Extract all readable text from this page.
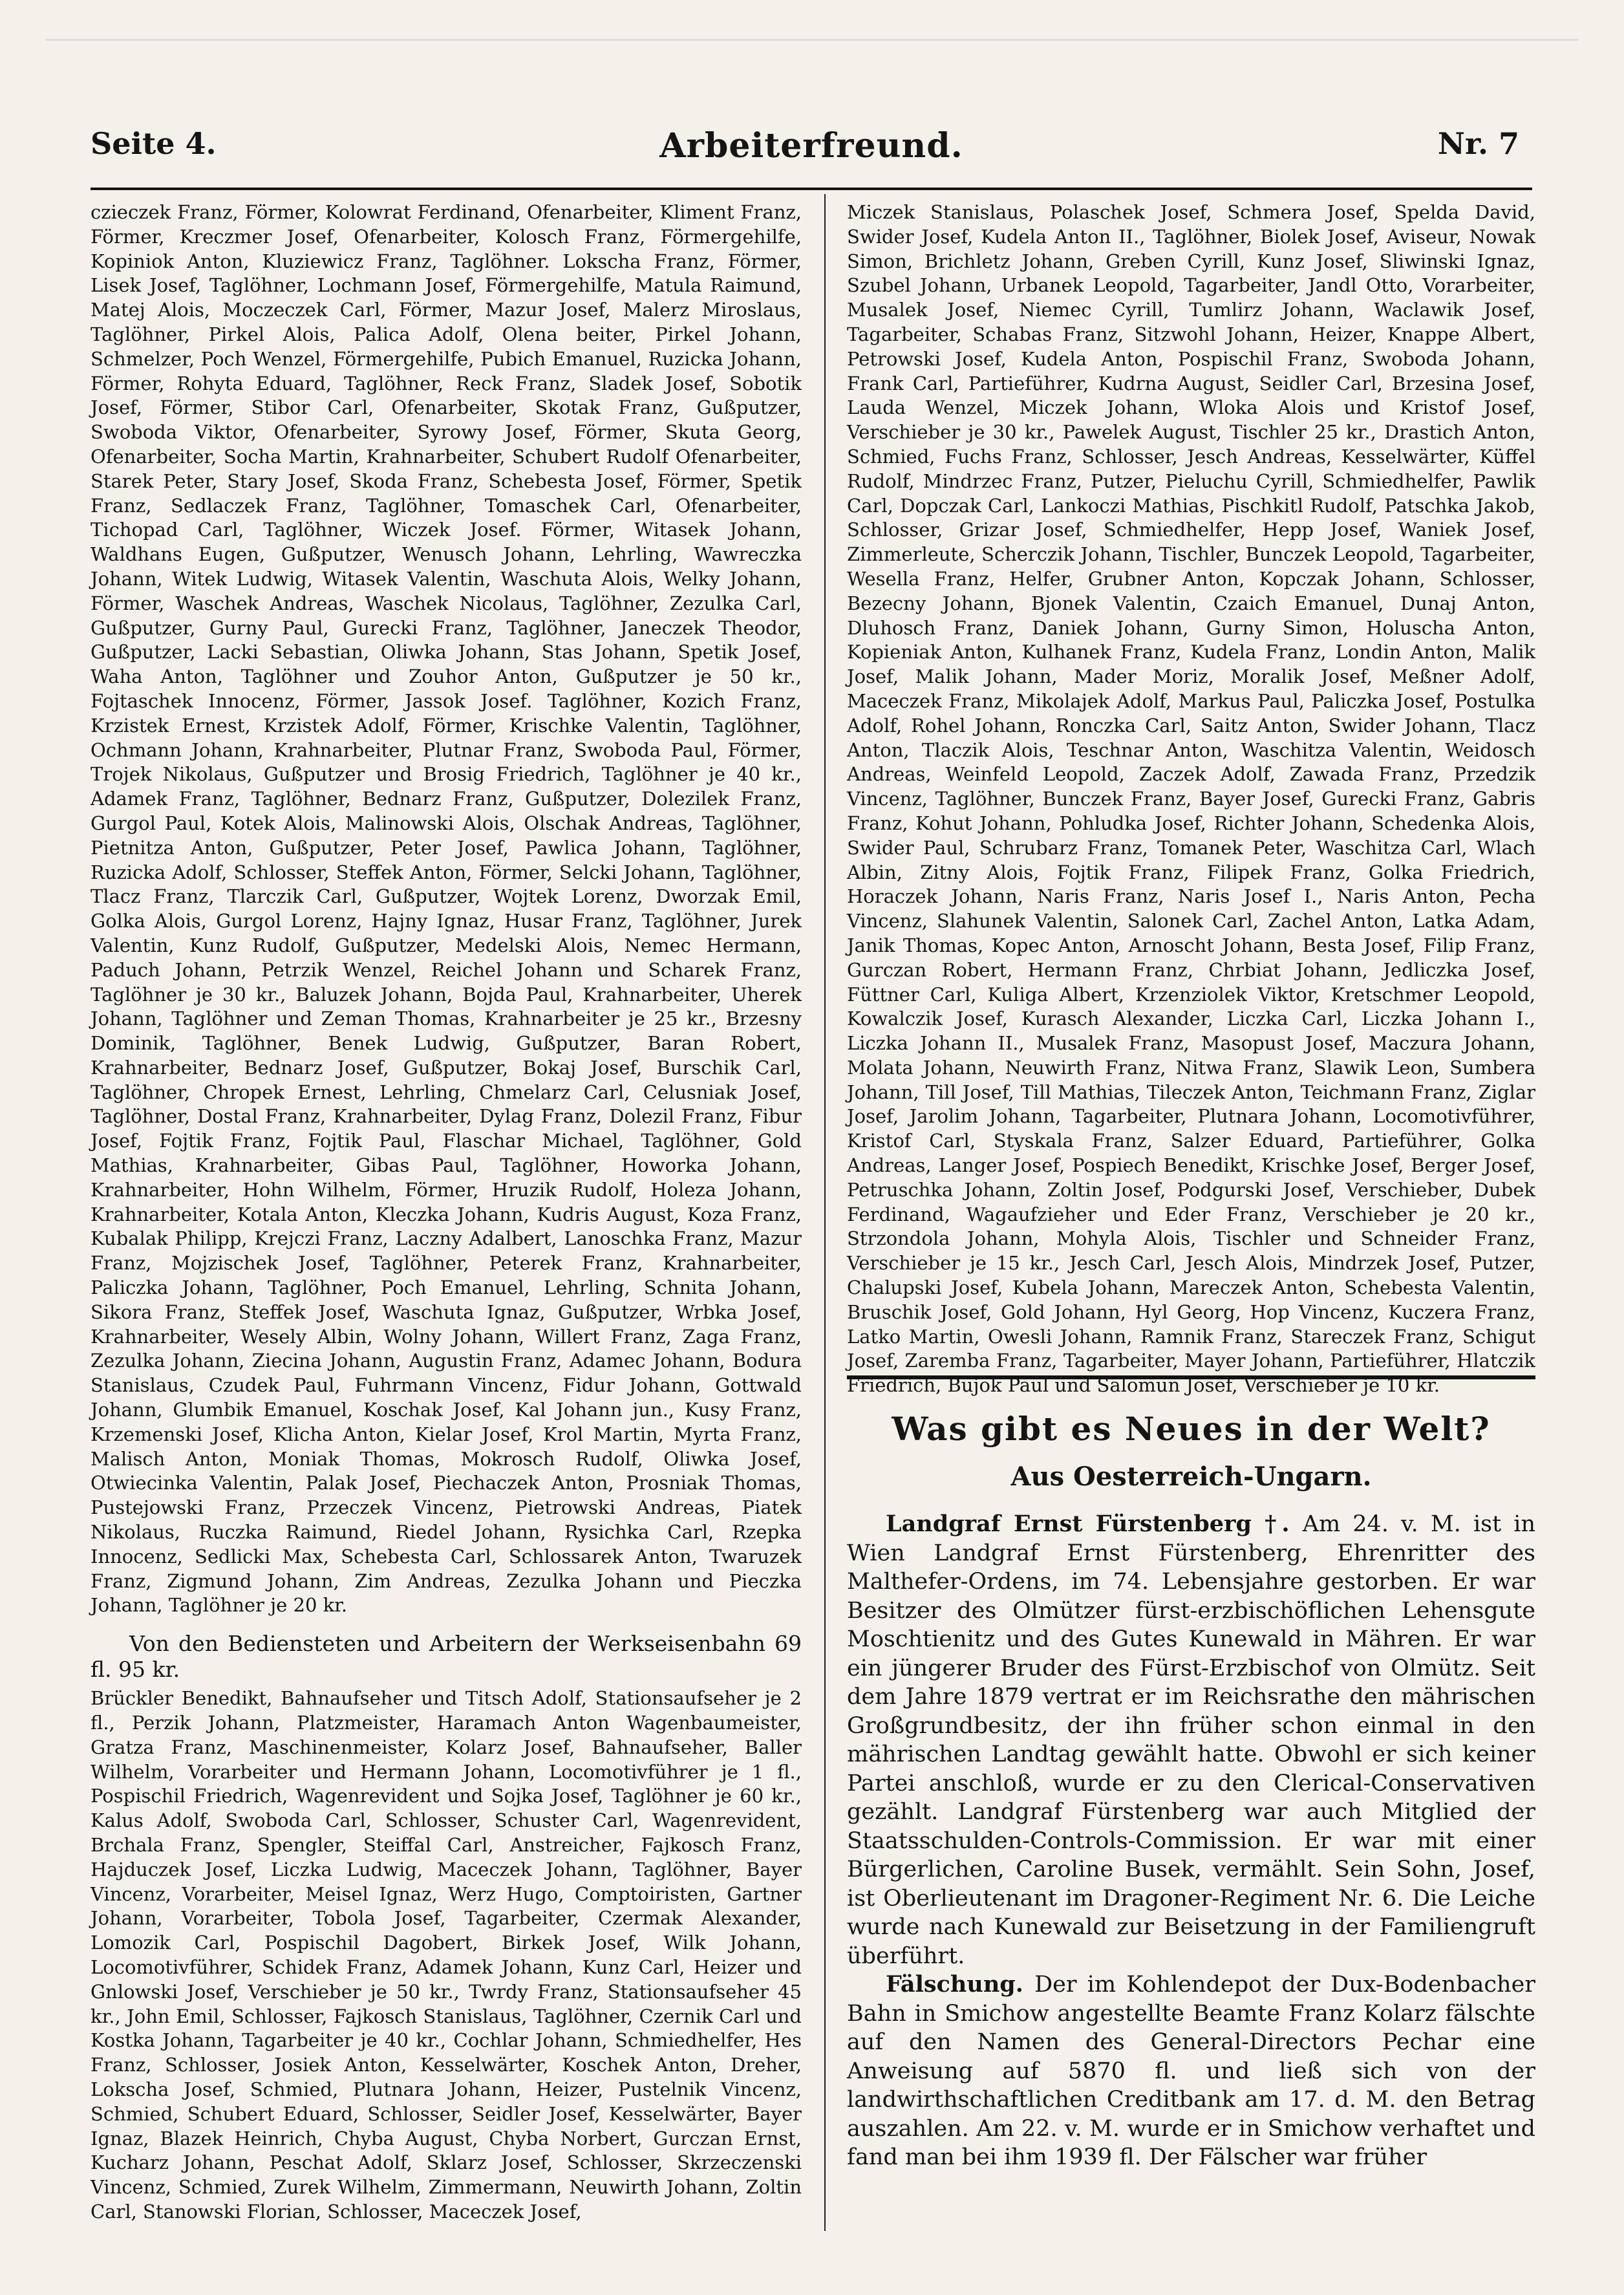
Seite 4.	Arbeiterfreund.	Nr. 7

czieczek Franz, Förmer, Kolowrat Ferdinand, Ofenarbeiter, Kliment Franz, Förmer, Kreczmer Josef, Ofenarbeiter, Kolosch Franz, Förmergehilfe, Kopiniok Anton, Kluziewicz Franz, Taglöhner. Lokscha Franz, Förmer, Lisek Josef, Taglöhner, Lochmann Josef, Förmergehilfe, Matula Raimund, Matej Alois, Moczeczek Carl, Förmer, Mazur Josef, Malerz Miroslaus, Taglöhner, Pirkel Alois, Palica Adolf, Olena beiter, Pirkel Johann, Schmelzer, Poch Wenzel, Förmergehilfe, Pubich Emanuel, Ruzicka Johann, Förmer, Rohyta Eduard, Taglöhner, Reck Franz, Sladek Josef, Sobotik Josef, Förmer, Stibor Carl, Ofenarbeiter, Skotak Franz, Gußputzer, Swoboda Viktor, Ofenarbeiter, Syrowy Josef, Förmer, Skuta Georg, Ofenarbeiter, Socha Martin, Krahnarbeiter, Schubert Rudolf Ofenarbeiter, Starek Peter, Stary Josef, Skoda Franz, Schebesta Josef, Förmer, Spetik Franz, Sedlaczek Franz, Taglöhner, Tomaschek Carl, Ofenarbeiter, Tichopad Carl, Taglöhner, Wiczek Josef. Förmer, Witasek Johann, Waldhans Eugen, Gußputzer, Wenusch Johann, Lehrling, Wawreczka Johann, Witek Ludwig, Witasek Valentin, Waschuta Alois, Welky Johann, Förmer, Waschek Andreas, Waschek Nicolaus, Taglöhner, Zezulka Carl, Gußputzer, Gurny Paul, Gurecki Franz, Taglöhner, Janeczek Theodor, Gußputzer, Lacki Sebastian, Oliwka Johann, Stas Johann, Spetik Josef, Waha Anton, Taglöhner und Zouhor Anton, Gußputzer je 50 kr., Fojtaschek Innocenz, Förmer, Jassok Josef. Taglöhner, Kozich Franz, Krzistek Ernest, Krzistek Adolf, Förmer, Krischke Valentin, Taglöhner, Ochmann Johann, Krahnarbeiter, Plutnar Franz, Swoboda Paul, Förmer, Trojek Nikolaus, Gußputzer und Brosig Friedrich, Taglöhner je 40 kr., Adamek Franz, Taglöhner, Bednarz Franz, Gußputzer, Dolezilek Franz, Gurgol Paul, Kotek Alois, Malinowski Alois, Olschak Andreas, Taglöhner, Pietnitza Anton, Gußputzer, Peter Josef, Pawlica Johann, Taglöhner, Ruzicka Adolf, Schlosser, Steffek Anton, Förmer, Selcki Johann, Taglöhner, Tlacz Franz, Tlarczik Carl, Gußputzer, Wojtek Lorenz, Dworzak Emil, Golka Alois, Gurgol Lorenz, Hajny Ignaz, Husar Franz, Taglöhner, Jurek Valentin, Kunz Rudolf, Gußputzer, Medelski Alois, Nemec Hermann, Paduch Johann, Petrzik Wenzel, Reichel Johann und Scharek Franz, Taglöhner je 30 kr., Baluzek Johann, Bojda Paul, Krahnarbeiter, Uherek Johann, Taglöhner und Zeman Thomas, Krahnarbeiter je 25 kr., Brzesny Dominik, Taglöhner, Benek Ludwig, Gußputzer, Baran Robert, Krahnarbeiter, Bednarz Josef, Gußputzer, Bokaj Josef, Burschik Carl, Taglöhner, Chropek Ernest, Lehrling, Chmelarz Carl, Celusniak Josef, Taglöhner, Dostal Franz, Krahnarbeiter, Dylag Franz, Dolezil Franz, Fibur Josef, Fojtik Franz, Fojtik Paul, Flaschar Michael, Taglöhner, Gold Mathias, Krahnarbeiter, Gibas Paul, Taglöhner, Howorka Johann, Krahnarbeiter, Hohn Wilhelm, Förmer, Hruzik Rudolf, Holeza Johann, Krahnarbeiter, Kotala Anton, Kleczka Johann, Kudris August, Koza Franz, Kubalak Philipp, Krejczi Franz, Laczny Adalbert, Lanoschka Franz, Mazur Franz, Mojzischek Josef, Taglöhner, Peterek Franz, Krahnarbeiter, Paliczka Johann, Taglöhner, Poch Emanuel, Lehrling, Schnita Johann, Sikora Franz, Steffek Josef, Waschuta Ignaz, Gußputzer, Wrbka Josef, Krahnarbeiter, Wesely Albin, Wolny Johann, Willert Franz, Zaga Franz, Zezulka Johann, Ziecina Johann, Augustin Franz, Adamec Johann, Bodura Stanislaus, Czudek Paul, Fuhrmann Vincenz, Fidur Johann, Gottwald Johann, Glumbik Emanuel, Koschak Josef, Kal Johann jun., Kusy Franz, Krzemenski Josef, Klicha Anton, Kielar Josef, Krol Martin, Myrta Franz, Malisch Anton, Moniak Thomas, Mokrosch Rudolf, Oliwka Josef, Otwiecinka Valentin, Palak Josef, Piechaczek Anton, Prosniak Thomas, Pustejowski Franz, Przeczek Vincenz, Pietrowski Andreas, Piatek Nikolaus, Ruczka Raimund, Riedel Johann, Rysichka Carl, Rzepka Innocenz, Sedlicki Max, Schebesta Carl, Schlossarek Anton, Twaruzek Franz, Zigmund Johann, Zim Andreas, Zezulka Johann und Pieczka Johann, Taglöhner je 20 kr.

Von den Bediensteten und Arbeitern der Werkseisenbahn 69 fl. 95 kr.

Brückler Benedikt, Bahnaufseher und Titsch Adolf, Stationsaufseher je 2 fl., Perzik Johann, Platzmeister, Haramach Anton Wagenbaumeister, Gratza Franz, Maschinenmeister, Kolarz Josef, Bahnaufseher, Baller Wilhelm, Vorarbeiter und Hermann Johann, Locomotivführer je 1 fl., Pospischil Friedrich, Wagenrevident und Sojka Josef, Taglöhner je 60 kr., Kalus Adolf, Swoboda Carl, Schlosser, Schuster Carl, Wagenrevident, Brchala Franz, Spengler, Steiffal Carl, Anstreicher, Fajkosch Franz, Hajduczek Josef, Liczka Ludwig, Maceczek Johann, Taglöhner, Bayer Vincenz, Vorarbeiter, Meisel Ignaz, Werz Hugo, Comptoiristen, Gartner Johann, Vorarbeiter, Tobola Josef, Tagarbeiter, Czermak Alexander, Lomozik Carl, Pospischil Dagobert, Birkek Josef, Wilk Johann, Locomotivführer, Schidek Franz, Adamek Johann, Kunz Carl, Heizer und Gnlowski Josef, Verschieber je 50 kr., Twrdy Franz, Stationsaufseher 45 kr., John Emil, Schlosser, Fajkosch Stanislaus, Taglöhner, Czernik Carl und Kostka Johann, Tagarbeiter je 40 kr., Cochlar Johann, Schmiedhelfer, Hes Franz, Schlosser, Josiek Anton, Kesselwärter, Koschek Anton, Dreher, Lokscha Josef, Schmied, Plutnara Johann, Heizer, Pustelnik Vincenz, Schmied, Schubert Eduard, Schlosser, Seidler Josef, Kesselwärter, Bayer Ignaz, Blazek Heinrich, Chyba August, Chyba Norbert, Gurczan Ernst, Kucharz Johann, Peschat Adolf, Sklarz Josef, Schlosser, Skrzeczenski Vincenz, Schmied, Zurek Wilhelm, Zimmermann, Neuwirth Johann, Zoltin Carl, Stanowski Florian, Schlosser, Maceczek Josef,

Miczek Stanislaus, Polaschek Josef, Schmera Josef, Spelda David, Swider Josef, Kudela Anton II., Taglöhner, Biolek Josef, Aviseur, Nowak Simon, Brichletz Johann, Greben Cyrill, Kunz Josef, Sliwinski Ignaz, Szubel Johann, Urbanek Leopold, Tagarbeiter, Jandl Otto, Vorarbeiter, Musalek Josef, Niemec Cyrill, Tumlirz Johann, Waclawik Josef, Tagarbeiter, Schabas Franz, Sitzwohl Johann, Heizer, Knappe Albert, Petrowski Josef, Kudela Anton, Pospischil Franz, Swoboda Johann, Frank Carl, Partieführer, Kudrna August, Seidler Carl, Brzesina Josef, Lauda Wenzel, Miczek Johann, Wloka Alois und Kristof Josef, Verschieber je 30 kr., Pawelek August, Tischler 25 kr., Drastich Anton, Schmied, Fuchs Franz, Schlosser, Jesch Andreas, Kesselwärter, Küffel Rudolf, Mindrzec Franz, Putzer, Pieluchu Cyrill, Schmiedhelfer, Pawlik Carl, Dopczak Carl, Lankoczi Mathias, Pischkitl Rudolf, Patschka Jakob, Schlosser, Grizar Josef, Schmiedhelfer, Hepp Josef, Waniek Josef, Zimmerleute, Scherczik Johann, Tischler, Bunczek Leopold, Tagarbeiter, Wesella Franz, Helfer, Grubner Anton, Kopczak Johann, Schlosser, Bezecny Johann, Bjonek Valentin, Czaich Emanuel, Dunaj Anton, Dluhosch Franz, Daniek Johann, Gurny Simon, Holuscha Anton, Kopieniak Anton, Kulhanek Franz, Kudela Franz, Londin Anton, Malik Josef, Malik Johann, Mader Moriz, Moralik Josef, Meßner Adolf, Maceczek Franz, Mikolajek Adolf, Markus Paul, Paliczka Josef, Postulka Adolf, Rohel Johann, Ronczka Carl, Saitz Anton, Swider Johann, Tlacz Anton, Tlaczik Alois, Teschnar Anton, Waschitza Valentin, Weidosch Andreas, Weinfeld Leopold, Zaczek Adolf, Zawada Franz, Przedzik Vincenz, Taglöhner, Bunczek Franz, Bayer Josef, Gurecki Franz, Gabris Franz, Kohut Johann, Pohludka Josef, Richter Johann, Schedenka Alois, Swider Paul, Schrubarz Franz, Tomanek Peter, Waschitza Carl, Wlach Albin, Zitny Alois, Fojtik Franz, Filipek Franz, Golka Friedrich, Horaczek Johann, Naris Franz, Naris Josef I., Naris Anton, Pecha Vincenz, Slahunek Valentin, Salonek Carl, Zachel Anton, Latka Adam, Janik Thomas, Kopec Anton, Arnoscht Johann, Besta Josef, Filip Franz, Gurczan Robert, Hermann Franz, Chrbiat Johann, Jedliczka Josef, Füttner Carl, Kuliga Albert, Krzenziolek Viktor, Kretschmer Leopold, Kowalczik Josef, Kurasch Alexander, Liczka Carl, Liczka Johann I., Liczka Johann II., Musalek Franz, Masopust Josef, Maczura Johann, Molata Johann, Neuwirth Franz, Nitwa Franz, Slawik Leon, Sumbera Johann, Till Josef, Till Mathias, Tileczek Anton, Teichmann Franz, Ziglar Josef, Jarolim Johann, Tagarbeiter, Plutnara Johann, Locomotivführer, Kristof Carl, Styskala Franz, Salzer Eduard, Partieführer, Golka Andreas, Langer Josef, Pospiech Benedikt, Krischke Josef, Berger Josef, Petruschka Johann, Zoltin Josef, Podgurski Josef, Verschieber, Dubek Ferdinand, Wagaufzieher und Eder Franz, Verschieber je 20 kr., Strzondola Johann, Mohyla Alois, Tischler und Schneider Franz, Verschieber je 15 kr., Jesch Carl, Jesch Alois, Mindrzek Josef, Putzer, Chalupski Josef, Kubela Johann, Mareczek Anton, Schebesta Valentin, Bruschik Josef, Gold Johann, Hyl Georg, Hop Vincenz, Kuczera Franz, Latko Martin, Owesli Johann, Ramnik Franz, Stareczek Franz, Schigut Josef, Zaremba Franz, Tagarbeiter, Mayer Johann, Partieführer, Hlatczik Friedrich, Bujok Paul und Salomun Josef, Verschieber je 10 kr.

Was gibt es Neues in der Welt?
Aus Oesterreich-Ungarn.

Landgraf Ernst Fürstenberg †. Am 24. v. M. ist in Wien Landgraf Ernst Fürstenberg, Ehrenritter des Malthefer-Ordens, im 74. Lebensjahre gestorben. Er war Besitzer des Olmützer fürst-erzbischöflichen Lehensgute Moschtienitz und des Gutes Kunewald in Mähren. Er war ein jüngerer Bruder des Fürst-Erzbischof von Olmütz. Seit dem Jahre 1879 vertrat er im Reichsrathe den mährischen Großgrundbesitz, der ihn früher schon einmal in den mährischen Landtag gewählt hatte. Obwohl er sich keiner Partei anschloß, wurde er zu den Clerical-Conservativen gezählt. Landgraf Fürstenberg war auch Mitglied der Staatsschulden-Controls-Commission. Er war mit einer Bürgerlichen, Caroline Busek, vermählt. Sein Sohn, Josef, ist Oberlieutenant im Dragoner-Regiment Nr. 6. Die Leiche wurde nach Kunewald zur Beisetzung in der Familiengruft überführt.

Fälschung. Der im Kohlendepot der Dux-Bodenbacher Bahn in Smichow angestellte Beamte Franz Kolarz fälschte auf den Namen des General-Directors Pechar eine Anweisung auf 5870 fl. und ließ sich von der landwirthschaftlichen Creditbank am 17. d. M. den Betrag auszahlen. Am 22. v. M. wurde er in Smichow verhaftet und fand man bei ihm 1939 fl. Der Fälscher war früher
